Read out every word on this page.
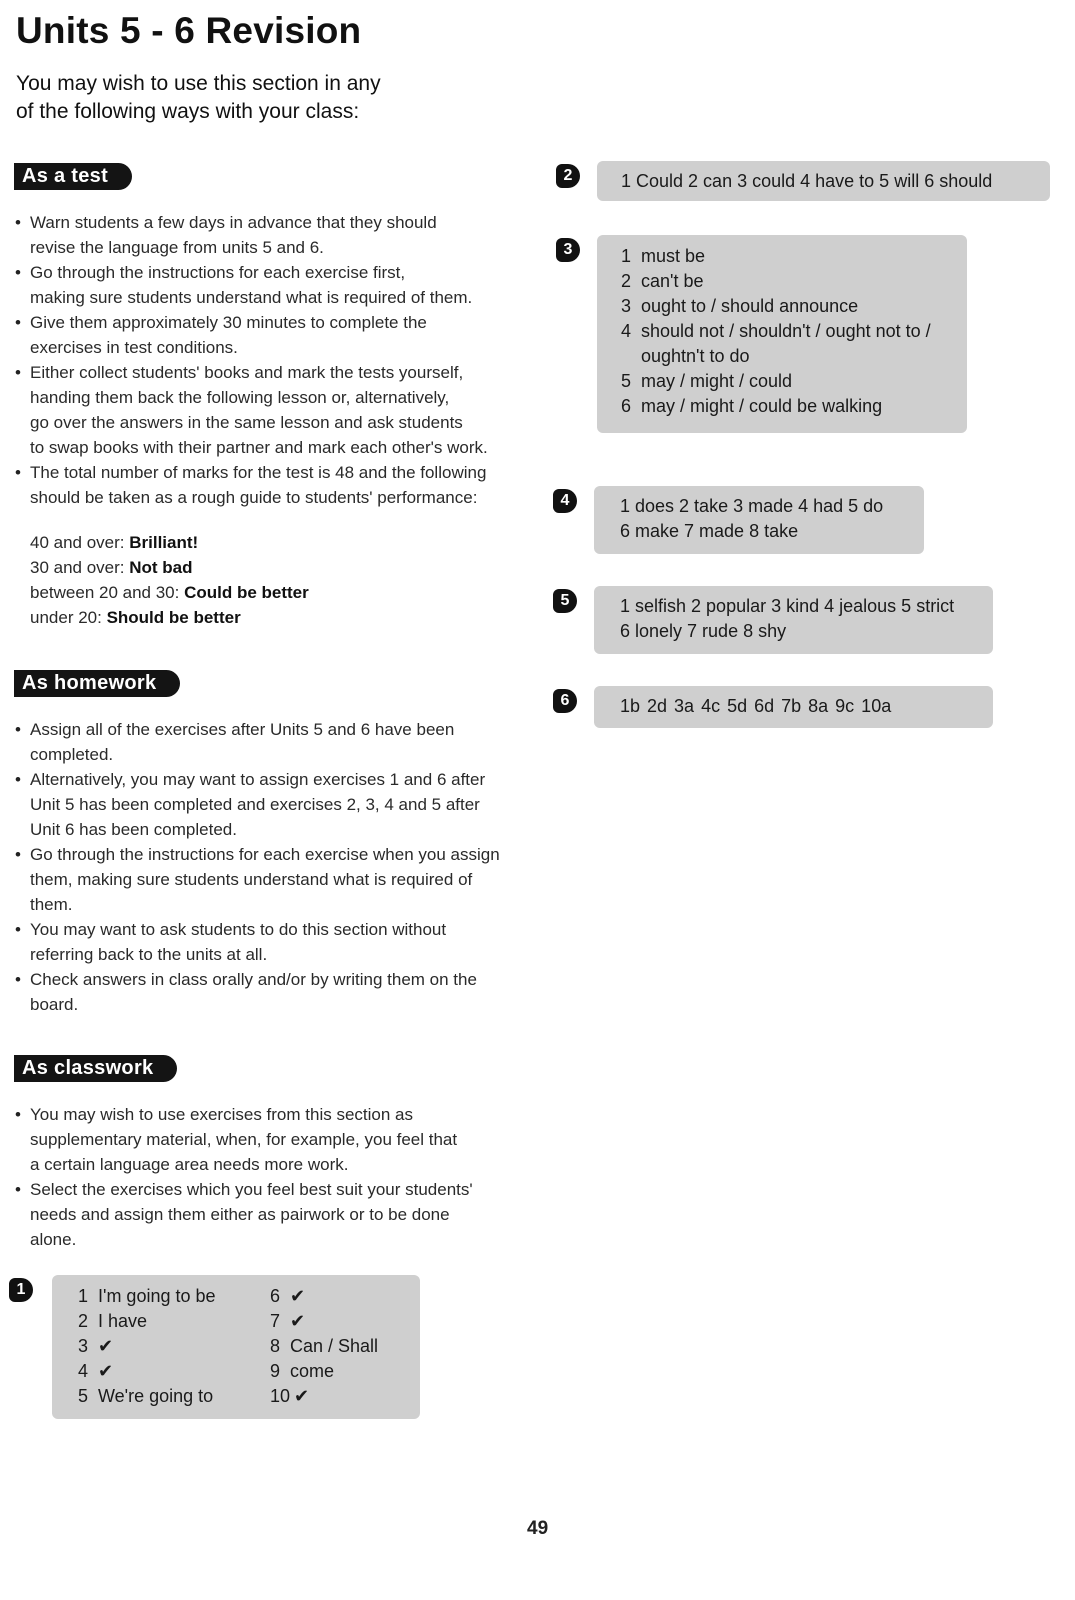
Units 5 - 6 Revision

You may wish to use this section in any
of the following ways with your class:

As a test
• Warn students a few days in advance that they should
revise the language from units 5 and 6.
• Go through the instructions for each exercise first,
making sure students understand what is required of them.
• Give them approximately 30 minutes to complete the
exercises in test conditions.
• Either collect students' books and mark the tests yourself,
handing them back the following lesson or, alternatively,
go over the answers in the same lesson and ask students
to swap books with their partner and mark each other's work.
• The total number of marks for the test is 48 and the following
should be taken as a rough guide to students' performance:
40 and over: Brilliant!
30 and over: Not bad
between 20 and 30: Could be better
under 20: Should be better
As homework
• Assign all of the exercises after Units 5 and 6 have been
completed.
• Alternatively, you may want to assign exercises 1 and 6 after
Unit 5 has been completed and exercises 2, 3, 4 and 5 after
Unit 6 has been completed.
• Go through the instructions for each exercise when you assign
them, making sure students understand what is required of
them.
• You may want to ask students to do this section without
referring back to the units at all.
• Check answers in class orally and/or by writing them on the
board.
As classwork
• You may wish to use exercises from this section as
supplementary material, when, for example, you feel that
a certain language area needs more work.
• Select the exercises which you feel best suit your students'
needs and assign them either as pairwork or to be done
alone.
1	1 I'm going to be
2 I have
3 ✔
4 ✔
5 We're going to
6 ✔
7 ✔
8 Can / Shall
9 come
10 ✔
2	1 Could 2 can 3 could 4 have to 5 will 6 should
3	1 must be
2 can't be
3 ought to / should announce
4 should not / shouldn't / ought not to /
oughtn't to do
5 may / might / could
6 may / might / could be walking
4	1 does 2 take 3 made 4 had 5 do
6 make 7 made 8 take
5	1 selfish 2 popular 3 kind 4 jealous 5 strict
6 lonely 7 rude 8 shy
6	1b 2d 3a 4c 5d 6d 7b 8a 9c 10a
49
